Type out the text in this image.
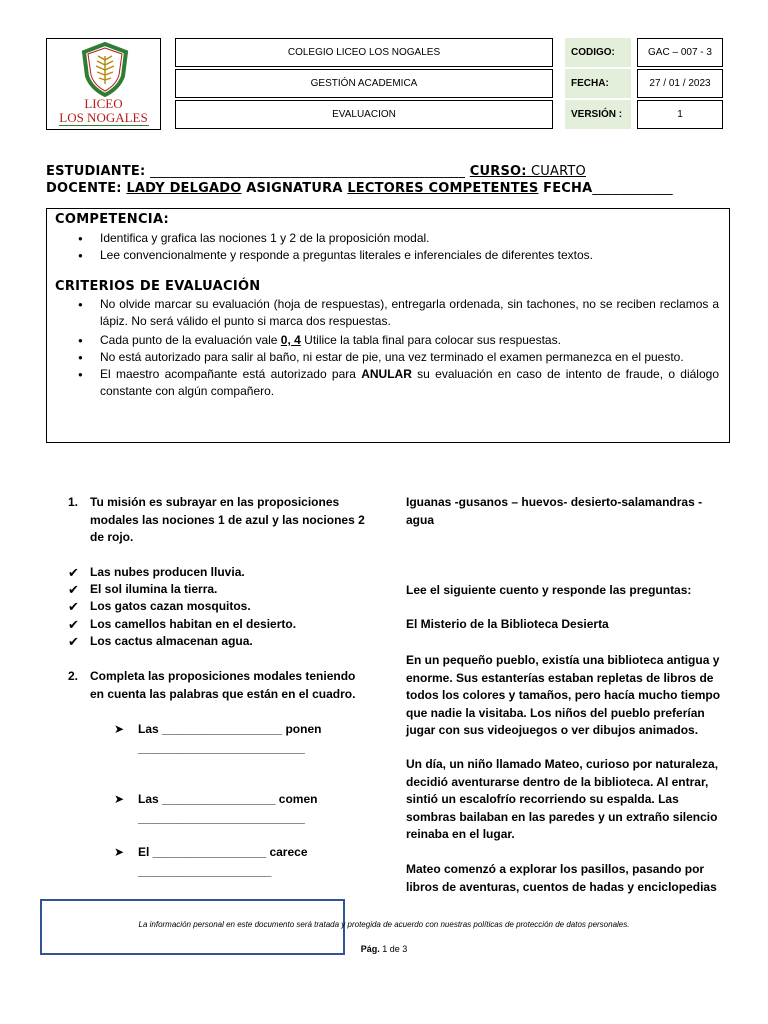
LICEO
LOS NOGALES
COLEGIO LICEO LOS NOGALES	CODIGO:	GAC – 007 - 3
GESTIÓN ACADEMICA	FECHA:	27 / 01 / 2023
EVALUACION	VERSIÓN :	1
ESTUDIANTE: _______________________________________________ CURSO: CUARTO
DOCENTE: LADY DELGADO ASIGNATURA LECTORES COMPETENTES FECHA____________
COMPETENCIA:
● Identifica y grafica las nociones 1 y 2 de la proposición modal.
● Lee convencionalmente y responde a preguntas literales e inferenciales de diferentes textos.
CRITERIOS DE EVALUACIÓN
● No olvide marcar su evaluación (hoja de respuestas), entregarla ordenada, sin tachones, no se reciben reclamos a lápiz. No será válido el punto si marca dos respuestas.
● Cada punto de la evaluación vale 0, 4 Utilice la tabla final para colocar sus respuestas.
● No está autorizado para salir al baño, ni estar de pie, una vez terminado el examen permanezca en el puesto.
● El maestro acompañante está autorizado para ANULAR su evaluación en caso de intento de fraude, o diálogo constante con algún compañero.
1. Tu misión es subrayar en las proposiciones modales las nociones 1 de azul y las nociones 2 de rojo.
✔ Las nubes producen lluvia.
✔ El sol ilumina la tierra.
✔ Los gatos cazan mosquitos.
✔ Los camellos habitan en el desierto.
✔ Los cactus almacenan agua.
2. Completa las proposiciones modales teniendo en cuenta las palabras que están en el cuadro.
➤ Las __________________ ponen _________________________
➤ Las _________________ comen _________________________
➤ El _________________ carece ____________________
Iguanas -gusanos – huevos- desierto-salamandras - agua
Lee el siguiente cuento y responde las preguntas:
El Misterio de la Biblioteca Desierta
En un pequeño pueblo, existía una biblioteca antigua y enorme. Sus estanterías estaban repletas de libros de todos los colores y tamaños, pero hacía mucho tiempo que nadie la visitaba. Los niños del pueblo preferían jugar con sus videojuegos o ver dibujos animados.
Un día, un niño llamado Mateo, curioso por naturaleza, decidió aventurarse dentro de la biblioteca. Al entrar, sintió un escalofrío recorriendo su espalda. Las sombras bailaban en las paredes y un extraño silencio reinaba en el lugar.
Mateo comenzó a explorar los pasillos, pasando por libros de aventuras, cuentos de hadas y enciclopedias
La información personal en este documento será tratada y protegida de acuerdo con nuestras políticas de protección de datos personales.
Pág. 1 de 3
